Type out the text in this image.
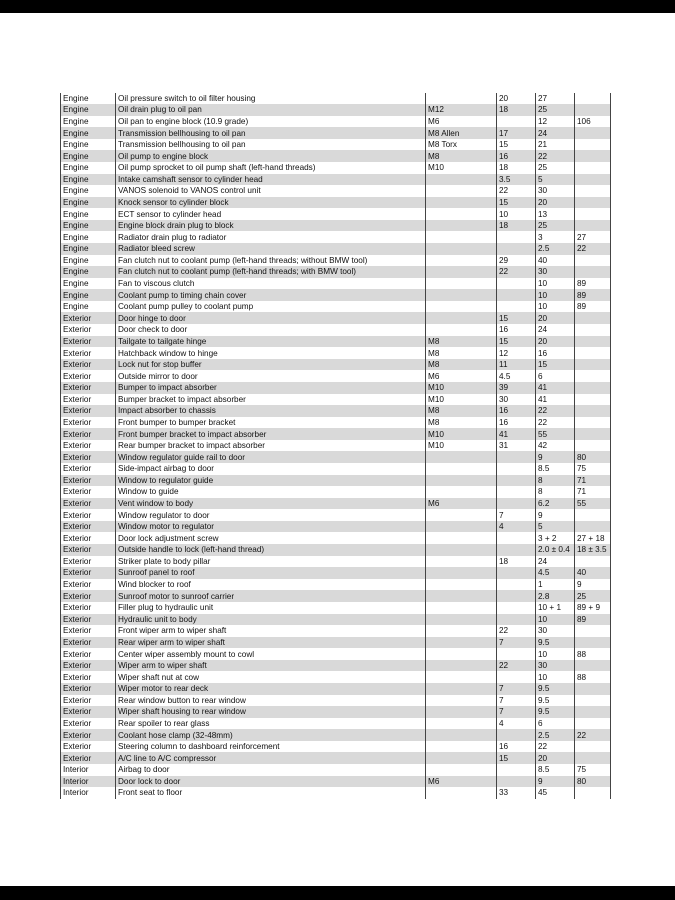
Engine	Oil pressure switch to oil filter housing		20	27	
Engine	Oil drain plug to oil pan	M12	18	25	
Engine	Oil pan to engine block (10.9 grade)	M6		12	106
Engine	Transmission bellhousing to oil pan	M8 Allen	17	24	
Engine	Transmission bellhousing to oil pan	M8 Torx	15	21	
Engine	Oil pump to engine block	M8	16	22	
Engine	Oil pump sprocket to oil pump shaft (left-hand threads)	M10	18	25	
Engine	Intake camshaft sensor to cylinder head		3.5	5	
Engine	VANOS solenoid to VANOS control unit		22	30	
Engine	Knock sensor to cylinder block		15	20	
Engine	ECT sensor to cylinder head		10	13	
Engine	Engine block drain plug to block		18	25	
Engine	Radiator drain plug to radiator			3	27
Engine	Radiator bleed screw			2.5	22
Engine	Fan clutch nut to coolant pump (left-hand threads; without BMW tool)		29	40	
Engine	Fan clutch nut to coolant pump (left-hand threads; with BMW tool)		22	30	
Engine	Fan to viscous clutch			10	89
Engine	Coolant pump to timing chain cover			10	89
Engine	Coolant pump pulley to coolant pump			10	89
Exterior	Door hinge to door		15	20	
Exterior	Door check to door		16	24	
Exterior	Tailgate to tailgate hinge	M8	15	20	
Exterior	Hatchback window to hinge	M8	12	16	
Exterior	Lock nut for stop buffer	M8	11	15	
Exterior	Outside mirror to door	M6	4.5	6	
Exterior	Bumper to impact absorber	M10	39	41	
Exterior	Bumper bracket to impact absorber	M10	30	41	
Exterior	Impact absorber to chassis	M8	16	22	
Exterior	Front bumper to bumper bracket	M8	16	22	
Exterior	Front bumper bracket to impact absorber	M10	41	55	
Exterior	Rear bumper bracket to impact absorber	M10	31	42	
Exterior	Window regulator guide rail to door			9	80
Exterior	Side-impact airbag to door			8.5	75
Exterior	Window to regulator guide			8	71
Exterior	Window to guide			8	71
Exterior	Vent window to body	M6		6.2	55
Exterior	Window regulator to door		7	9	
Exterior	Window motor to regulator		4	5	
Exterior	Door lock adjustment screw			3 + 2	27 + 18
Exterior	Outside handle to lock (left-hand thread)			2.0 ± 0.4	18 ± 3.5
Exterior	Striker plate to body pillar		18	24	
Exterior	Sunroof panel to roof			4.5	40
Exterior	Wind blocker to roof			1	9
Exterior	Sunroof motor to sunroof carrier			2.8	25
Exterior	Filler plug to hydraulic unit			10 + 1	89 + 9
Exterior	Hydraulic unit to body			10	89
Exterior	Front wiper arm to wiper shaft		22	30	
Exterior	Rear wiper arm to wiper shaft		7	9.5	
Exterior	Center wiper assembly mount to cowl			10	88
Exterior	Wiper arm to wiper shaft		22	30	
Exterior	Wiper shaft nut at cow			10	88
Exterior	Wiper motor to rear deck		7	9.5	
Exterior	Rear window button to rear window		7	9.5	
Exterior	Wiper shaft housing to rear window		7	9.5	
Exterior	Rear spoiler to rear glass		4	6	
Exterior	Coolant hose clamp (32-48mm)			2.5	22
Exterior	Steering column to dashboard reinforcement		16	22	
Exterior	A/C line to A/C compressor		15	20	
Interior	Airbag to door			8.5	75
Interior	Door lock to door	M6		9	80
Interior	Front seat to floor		33	45	
